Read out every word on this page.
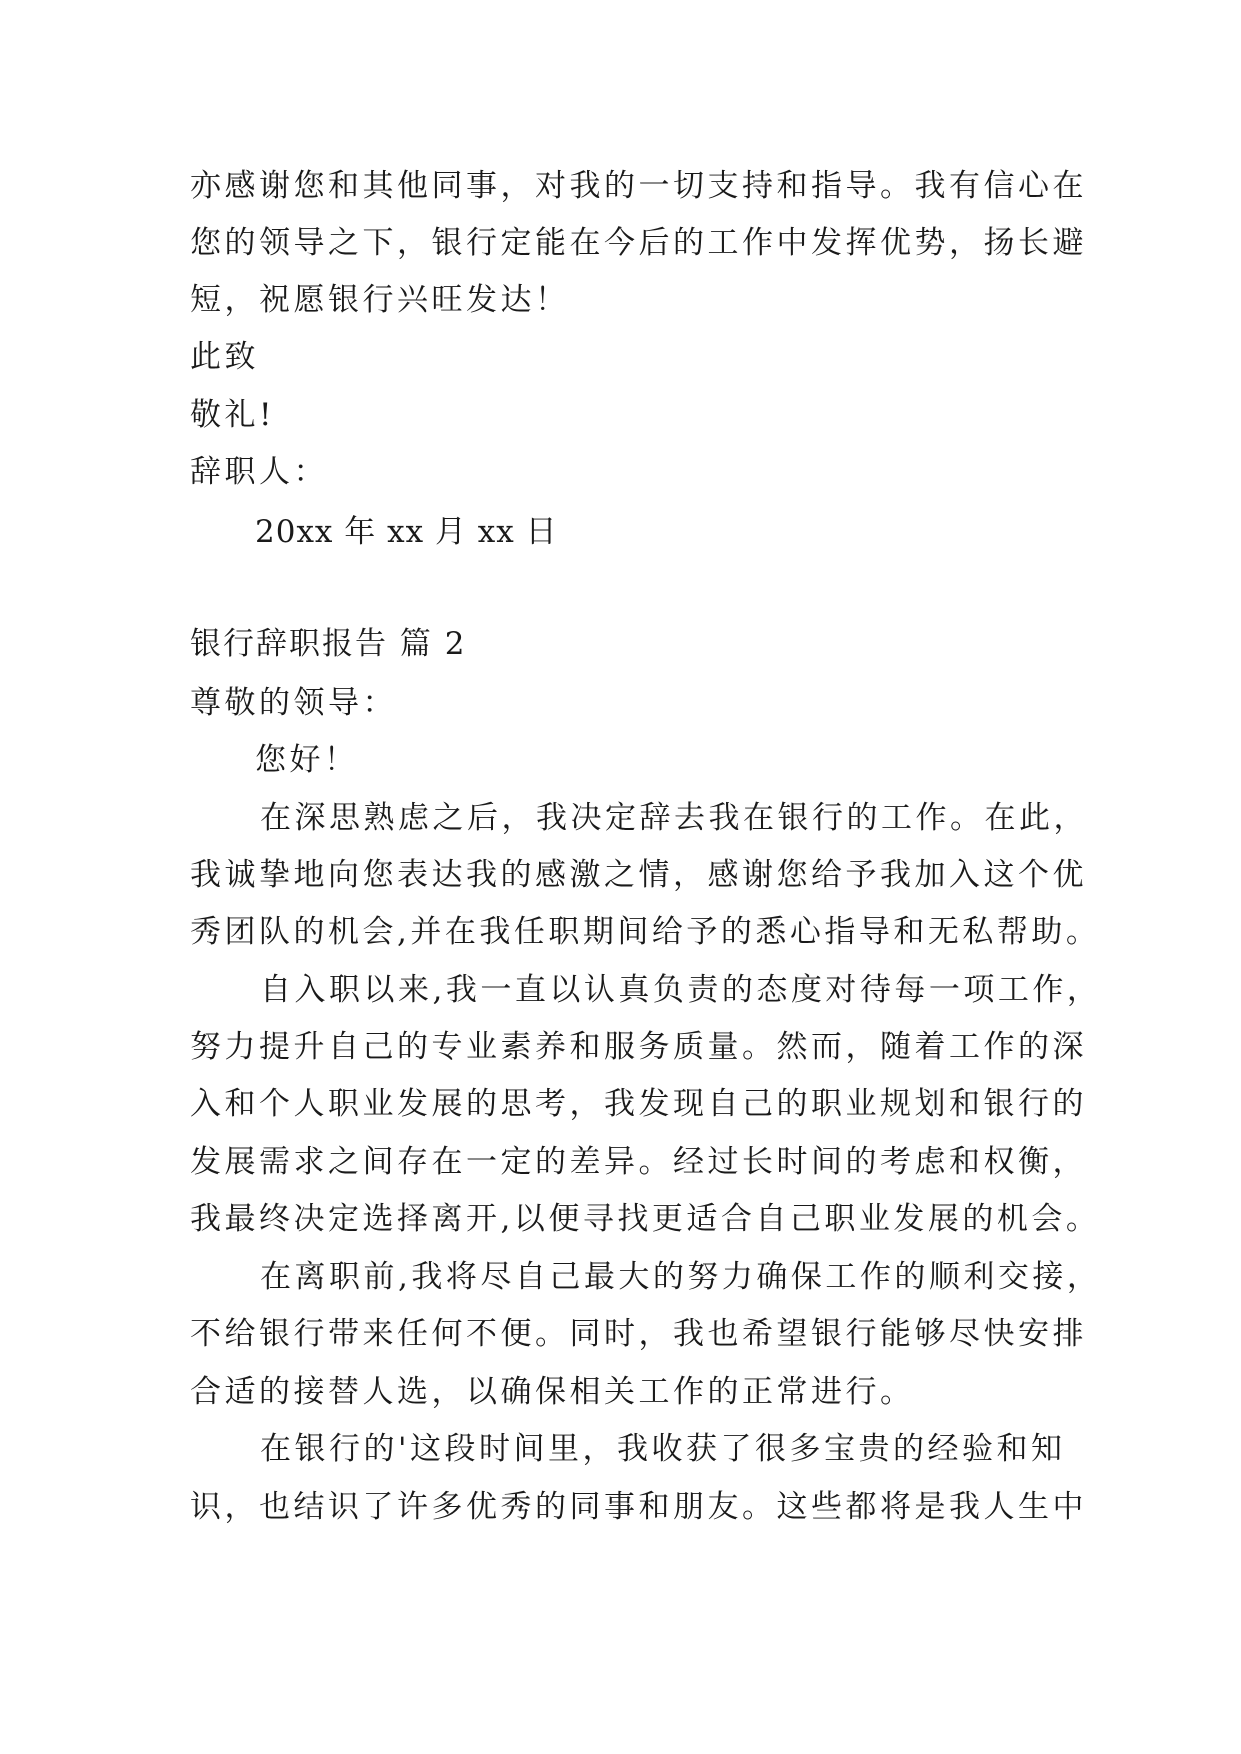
亦感谢您和其他同事，对我的一切支持和指导。我有信心在
您的领导之下，银行定能在今后的工作中发挥优势，扬长避
短，祝愿银行兴旺发达！
此致
敬礼!
辞职人：
20xx 年 xx 月 xx 日
银行辞职报告 篇 2
尊敬的领导：
您好！
在深思熟虑之后，我决定辞去我在银行的工作。在此，
我诚挚地向您表达我的感激之情，感谢您给予我加入这个优
秀团队的机会,并在我任职期间给予的悉心指导和无私帮助。
自入职以来,我一直以认真负责的态度对待每一项工作，
努力提升自己的专业素养和服务质量。然而，随着工作的深
入和个人职业发展的思考，我发现自己的职业规划和银行的
发展需求之间存在一定的差异。经过长时间的考虑和权衡，
我最终决定选择离开,以便寻找更适合自己职业发展的机会。
在离职前,我将尽自己最大的努力确保工作的顺利交接，
不给银行带来任何不便。同时，我也希望银行能够尽快安排
合适的接替人选，以确保相关工作的正常进行。
在银行的'这段时间里，我收获了很多宝贵的经验和知
识，也结识了许多优秀的同事和朋友。这些都将是我人生中
